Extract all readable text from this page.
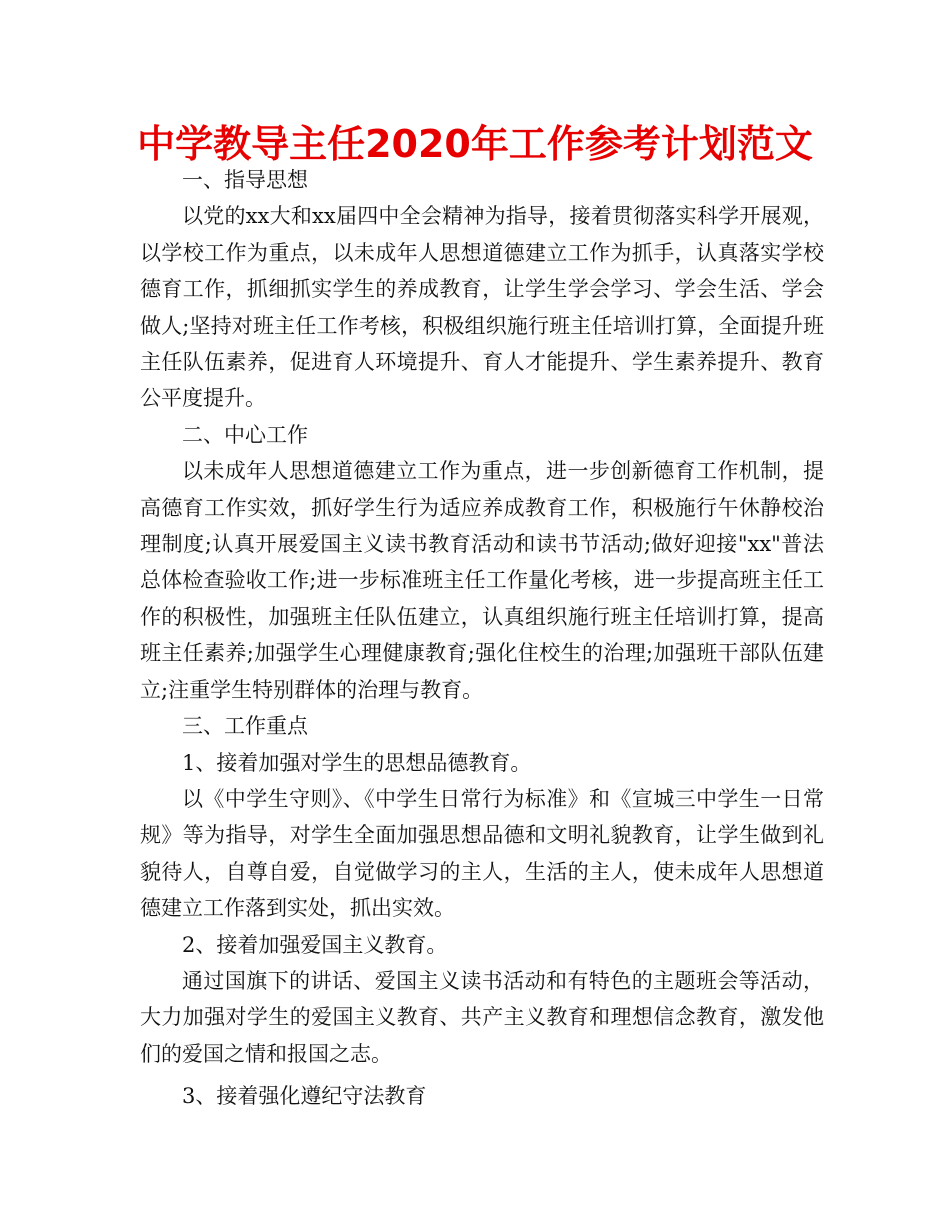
中学教导主任2020年工作参考计划范文

一、指导思想

以党的xx大和xx届四中全会精神为指导，接着贯彻落实科学开展观，以学校工作为重点，以未成年人思想道德建立工作为抓手，认真落实学校德育工作，抓细抓实学生的养成教育，让学生学会学习、学会生活、学会做人;坚持对班主任工作考核，积极组织施行班主任培训打算，全面提升班主任队伍素养，促进育人环境提升、育人才能提升、学生素养提升、教育公平度提升。

二、中心工作

以未成年人思想道德建立工作为重点，进一步创新德育工作机制，提高德育工作实效，抓好学生行为适应养成教育工作，积极施行午休静校治理制度;认真开展爱国主义读书教育活动和读书节活动;做好迎接"xx"普法总体检查验收工作;进一步标准班主任工作量化考核，进一步提高班主任工作的积极性，加强班主任队伍建立，认真组织施行班主任培训打算，提高班主任素养;加强学生心理健康教育;强化住校生的治理;加强班干部队伍建立;注重学生特别群体的治理与教育。

三、工作重点

1、接着加强对学生的思想品德教育。

以《中学生守则》、《中学生日常行为标准》和《宣城三中学生一日常规》等为指导，对学生全面加强思想品德和文明礼貌教育，让学生做到礼貌待人，自尊自爱，自觉做学习的主人，生活的主人，使未成年人思想道德建立工作落到实处，抓出实效。

2、接着加强爱国主义教育。

通过国旗下的讲话、爱国主义读书活动和有特色的主题班会等活动，大力加强对学生的爱国主义教育、共产主义教育和理想信念教育，激发他们的爱国之情和报国之志。

3、接着强化遵纪守法教育
